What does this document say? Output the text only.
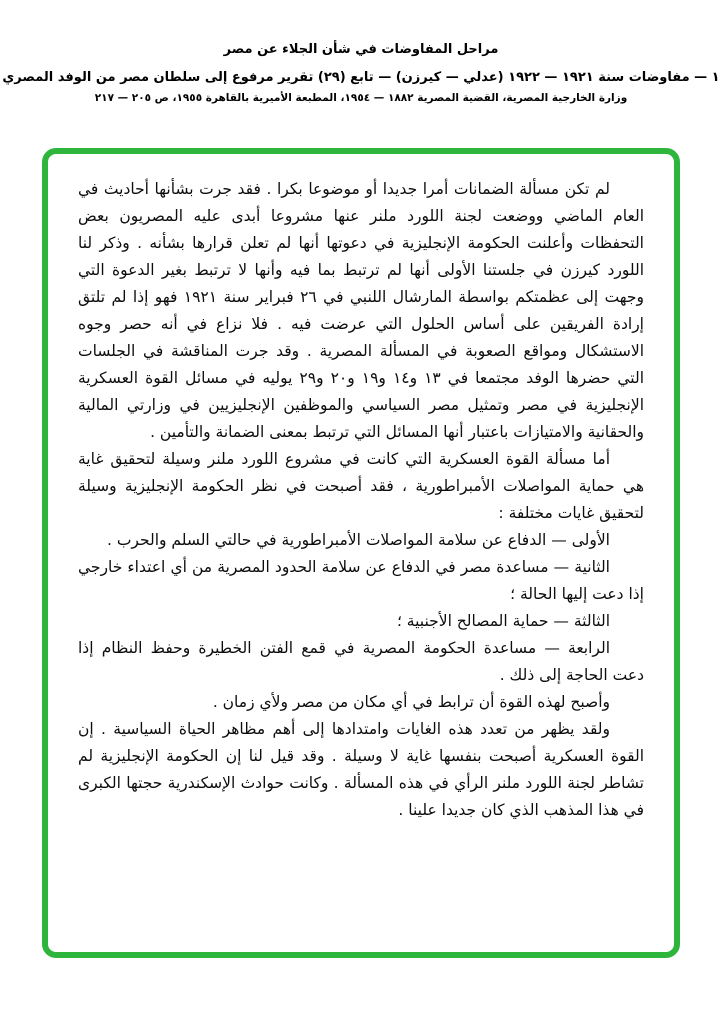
مراحل المفاوضات في شأن الجلاء عن مصر
١ — مفاوضات سنة ١٩٢١ — ١٩٢٢ (عدلي — كيرزن) — تابع (٢٩) تقرير مرفوع إلى سلطان مصر من الوفد المصري
وزارة الخارجية المصرية، القضية المصرية ١٨٨٢ — ١٩٥٤، المطبعة الأميرية بالقاهرة ١٩٥٥، ص ٢٠٥ — ٢١٧

لم تكن مسألة الضمانات أمرا جديدا أو موضوعا بكرا . فقد جرت بشأنها أحاديث في العام الماضي ووضعت لجنة اللورد ملنر عنها مشروعا أبدى عليه المصريون بعض التحفظات وأعلنت الحكومة الإنجليزية في دعوتها أنها لم تعلن قرارها بشأنه . وذكر لنا اللورد كيرزن في جلستنا الأولى أنها لم ترتبط بما فيه وأنها لا ترتبط بغير الدعوة التي وجهت إلى عظمتكم بواسطة المارشال اللنبي في ٢٦ فبراير سنة ١٩٢١ فهو إذا لم تلتق إرادة الفريقين على أساس الحلول التي عرضت فيه . فلا نزاع في أنه حصر وجوه الاستشكال ومواقع الصعوبة في المسألة المصرية . وقد جرت المناقشة في الجلسات التي حضرها الوفد مجتمعا في ١٣ و١٤ و١٩ و٢٠ و٢٩ يوليه في مسائل القوة العسكرية الإنجليزية في مصر وتمثيل مصر السياسي والموظفين الإنجليزيين في وزارتي المالية والحقانية والامتيازات باعتبار أنها المسائل التي ترتبط بمعنى الضمانة والتأمين .

أما مسألة القوة العسكرية التي كانت في مشروع اللورد ملنر وسيلة لتحقيق غاية هي حماية المواصلات الأمبراطورية ، فقد أصبحت في نظر الحكومة الإنجليزية وسيلة لتحقيق غايات مختلفة :

الأولى — الدفاع عن سلامة المواصلات الأمبراطورية في حالتي السلم والحرب .

الثانية — مساعدة مصر في الدفاع عن سلامة الحدود المصرية من أي اعتداء خارجي إذا دعت إليها الحالة ؛

الثالثة — حماية المصالح الأجنبية ؛

الرابعة — مساعدة الحكومة المصرية في قمع الفتن الخطيرة وحفظ النظام إذا دعت الحاجة إلى ذلك .

وأصبح لهذه القوة أن ترابط في أي مكان من مصر ولأي زمان .

ولقد يظهر من تعدد هذه الغايات وامتدادها إلى أهم مظاهر الحياة السياسية . إن القوة العسكرية أصبحت بنفسها غاية لا وسيلة . وقد قيل لنا إن الحكومة الإنجليزية لم تشاطر لجنة اللورد ملنر الرأي في هذه المسألة . وكانت حوادث الإسكندرية حجتها الكبرى في هذا المذهب الذي كان جديدا علينا .
